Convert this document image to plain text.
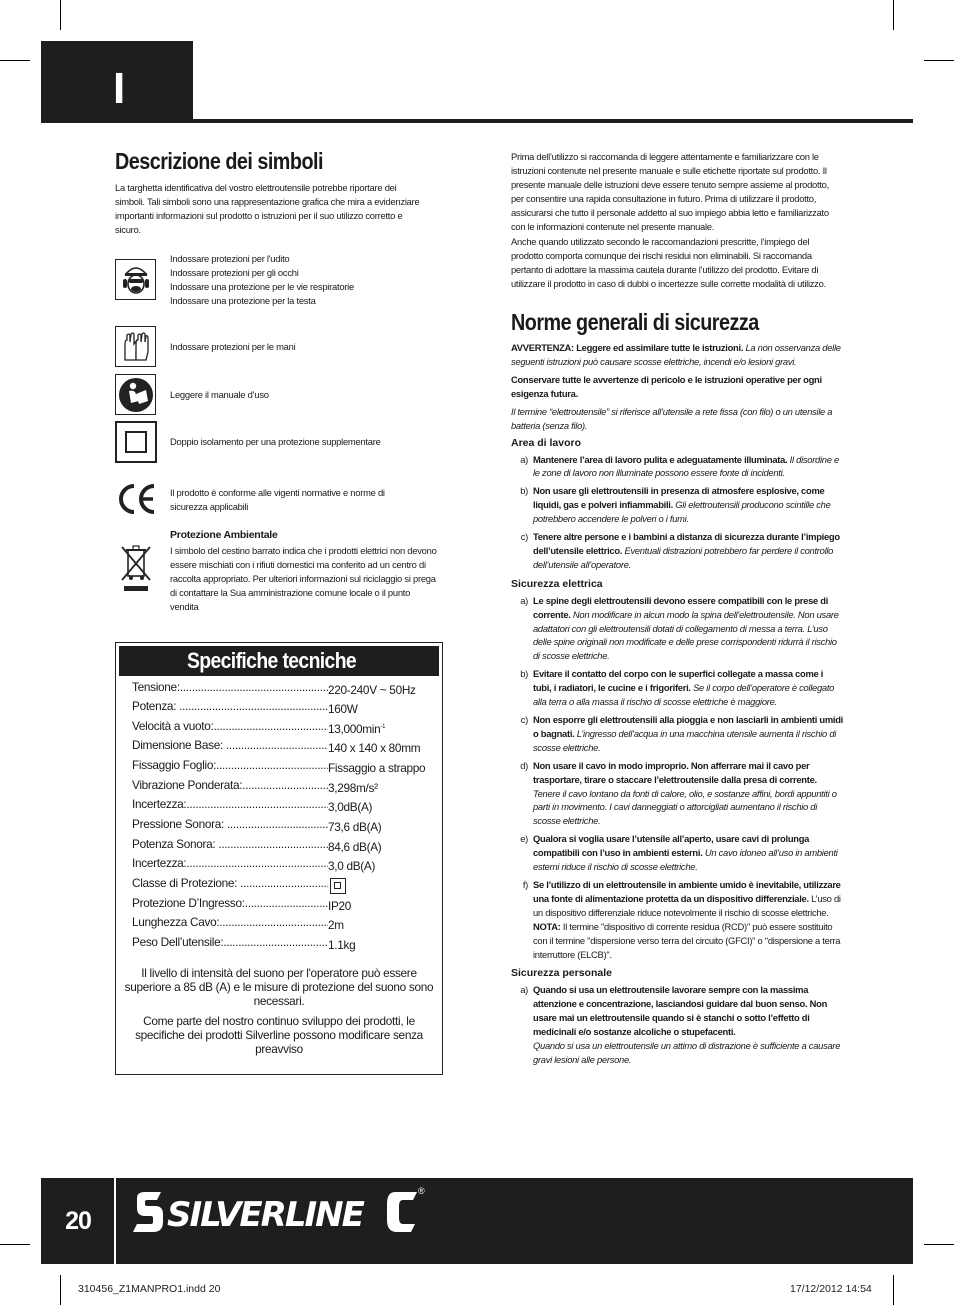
I
Descrizione dei simboli

La targhetta identificativa del vostro elettroutensile potrebbe riportare dei simboli. Tali simboli sono una rappresentazione grafica che mira a evidenziare importanti informazioni sul prodotto o istruzioni per il suo utilizzo corretto e sicuro.

Indossare protezioni per l'udito
Indossare protezioni per gli occhi
Indossare una protezione per le vie respiratorie
Indossare una protezione per la testa
Indossare protezioni per le mani
Leggere il manuale d’uso
Doppio isolamento per una protezione supplementare
Il prodotto è conforme alle vigenti normative e norme di sicurezza applicabili
Protezione Ambientale
I simbolo del cestino barrato indica che i prodotti elettrici non devono essere mischiati con i rifiuti domestici ma conferito ad un centro di raccolta appropriato. Per ulteriori informazioni sul riciclaggio si prega di contattare la Sua amministrazione comune locale o il punto vendita
Specifiche tecniche
Tensione: .....	220-240V ~ 50Hz
Potenza: .....	160W
Velocità a vuoto: .....	$13,000\min^{-1}$
Dimensione Base: .....	140 x 140 x 80mm
Fissaggio Foglio: .....	Fissaggio a strappo
Vibrazione Ponderata: .....	3,298m/s²
Incertezza: .....	3,0dB(A)
Pressione Sonora: .....	73,6 dB(A)
Potenza Sonora: .....	84,6 dB(A)
Incertezza: .....	3,0 dB(A)
Classe di Protezione: .....
Protezione D’Ingresso: .....	IP20
Lunghezza Cavo: .....	2m
Peso Dell’utensile: .....	1.1kg
Il livello di intensità del suono per l'operatore può essere superiore a 85 dB (A) e le misure di protezione del suono sono necessari.
Come parte del nostro continuo sviluppo dei prodotti, le specifiche dei prodotti Silverline possono modificare senza preavviso

Prima dell’utilizzo si raccomanda di leggere attentamente e familiarizzare con le istruzioni contenute nel presente manuale e sulle etichette riportate sul prodotto. Il presente manuale delle istruzioni deve essere tenuto sempre assieme al prodotto, per consentire una rapida consultazione in futuro. Prima di utilizzare il prodotto, assicurarsi che tutto il personale addetto al suo impiego abbia letto e familiarizzato con le informazioni contenute nel presente manuale.

Anche quando utilizzato secondo le raccomandazioni prescritte, l’impiego del prodotto comporta comunque dei rischi residui non eliminabili. Si raccomanda pertanto di adottare la massima cautela durante l’utilizzo del prodotto. Evitare di utilizzare il prodotto in caso di dubbi o incertezze sulle corrette modalità di utilizzo.

Norme generali di sicurezza

AVVERTENZA: Leggere ed assimilare tutte le istruzioni. La non osservanza delle seguenti istruzioni può causare scosse elettriche, incendi e/o lesioni gravi.

Conservare tutte le avvertenze di pericolo e le istruzioni operative per ogni esigenza futura.

Il termine “elettroutensile” si riferisce all’utensile a rete fissa (con filo) o un utensile a batteria (senza filo).

Area di lavoro
a) Mantenere l’area di lavoro pulita e adeguatamente illuminata. Il disordine e le zone di lavoro non illuminate possono essere fonte di incidenti.
b) Non usare gli elettroutensili in presenza di atmosfere esplosive, come liquidi, gas e polveri infiammabili. Gli elettroutensili producono scintille che potrebbero accendere le polveri o i fumi.
c) Tenere altre persone e i bambini a distanza di sicurezza durante l’impiego dell’utensile elettrico. Eventuali distrazioni potrebbero far perdere il controllo dell’utensile all’operatore.
Sicurezza elettrica
a) Le spine degli elettroutensili devono essere compatibili con le prese di corrente. Non modificare in alcun modo la spina dell’elettroutensile. Non usare adattatori con gli elettroutensili dotati di collegamento di messa a terra. L’uso delle spine originali non modificate e delle prese corrispondenti ridurrà il rischio di scosse elettriche.
b) Evitare il contatto del corpo con le superfici collegate a massa come i tubi, i radiatori, le cucine e i frigoriferi. Se il corpo dell’operatore è collegato alla terra o alla massa il rischio di scosse elettriche è maggiore.
c) Non esporre gli elettroutensili alla pioggia e non lasciarli in ambienti umidi o bagnati. L’ingresso dell’acqua in una macchina utensile aumenta il rischio di scosse elettriche.
d) Non usare il cavo in modo improprio. Non afferrare mai il cavo per trasportare, tirare o staccare l’elettroutensile dalla presa di corrente. Tenere il cavo lontano da fonti di calore, olio, e sostanze affini, bordi appuntiti o parti in movimento. I cavi danneggiati o attorcigliati aumentano il rischio di scosse elettriche.
e) Qualora si voglia usare l’utensile all’aperto, usare cavi di prolunga compatibili con l’uso in ambienti esterni. Un cavo idoneo all’uso in ambienti esterni riduce il rischio di scosse elettriche.
f) Se l’utilizzo di un elettroutensile in ambiente umido è inevitabile, utilizzare una fonte di alimentazione protetta da un dispositivo differenziale. L’uso di un dispositivo differenziale riduce notevolmente il rischio di scosse elettriche.
NOTA: Il termine "dispositivo di corrente residua (RCD)" può essere sostituito con il termine "dispersione verso terra del circuito (GFCI)" o "dispersione a terra interruttore (ELCB)".
Sicurezza personale
a) Quando si usa un elettroutensile lavorare sempre con la massima attenzione e concentrazione, lasciandosi guidare dal buon senso. Non usare mai un elettroutensile quando si è stanchi o sotto l’effetto di medicinali e/o sostanze alcoliche o stupefacenti.
Quando si usa un elettroutensile un attimo di distrazione è sufficiente a causare gravi lesioni alle persone.
20	SILVERLINE
®
310456_Z1MANPRO1.indd 20	17/12/2012 14:54
